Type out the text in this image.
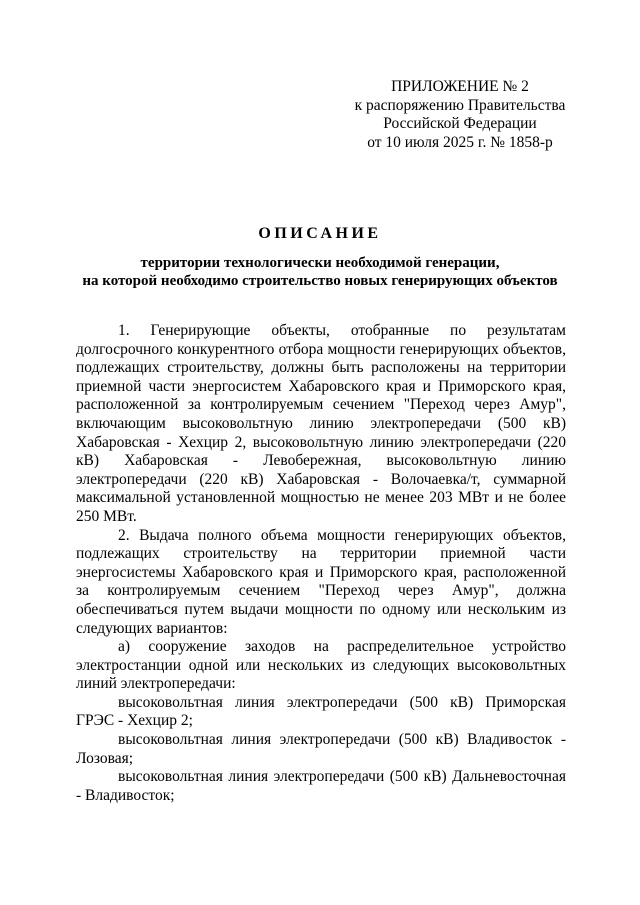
ПРИЛОЖЕНИЕ № 2
к распоряжению Правительства
Российской Федерации
от 10 июля 2025 г. № 1858-р
ОПИСАНИЕ
территории технологически необходимой генерации,
на которой необходимо строительство новых генерирующих объектов

1. Генерирующие объекты, отобранные по результатам долгосрочного конкурентного отбора мощности генерирующих объектов, подлежащих строительству, должны быть расположены на территории приемной части энергосистем Хабаровского края и Приморского края, расположенной за контролируемым сечением "Переход через Амур", включающим высоковольтную линию электропередачи (500 кВ) Хабаровская - Хехцир 2, высоковольтную линию электропередачи (220 кВ) Хабаровская - Левобережная, высоковольтную линию электропередачи (220 кВ) Хабаровская - Волочаевка/т, суммарной максимальной установленной мощностью не менее 203 МВт и не более 250 МВт.

2. Выдача полного объема мощности генерирующих объектов, подлежащих строительству на территории приемной части энергосистемы Хабаровского края и Приморского края, расположенной за контролируемым сечением "Переход через Амур", должна обеспечиваться путем выдачи мощности по одному или нескольким из следующих вариантов:

а) сооружение заходов на распределительное устройство электростанции одной или нескольких из следующих высоковольтных линий электропередачи:

высоковольтная линия электропередачи (500 кВ) Приморская ГРЭС - Хехцир 2;

высоковольтная линия электропередачи (500 кВ) Владивосток - Лозовая;

высоковольтная линия электропередачи (500 кВ) Дальневосточная - Владивосток;
